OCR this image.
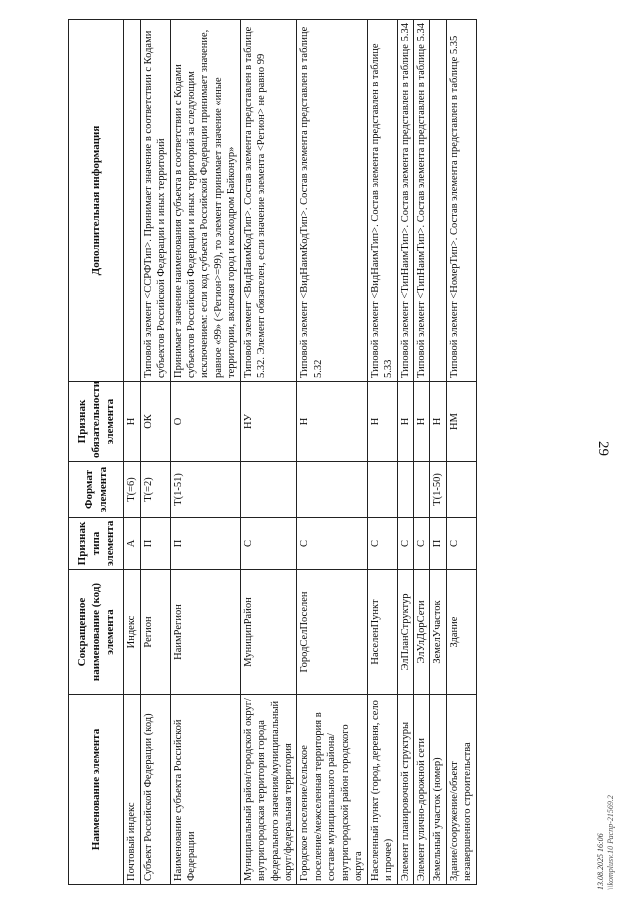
29
Наименование элемента	Сокращенное наименование (код) элемента	Признак типа элемента	Формат элемента	Признак обязательности элемента	Дополнительная информация
Почтовый индекс	Индекс	А	T(=6)	Н	
Субъект Российской Федерации (код)	Регион	П	T(=2)	ОК	Типовой элемент <ССРФТип>. Принимает значение в соответствии с Кодами субъектов Российской Федерации и иных территорий
Наименование субъекта Российской Федерации	НаимРегион	П	T(1-51)	О	Принимает значение наименования субъекта в соответствии с Кодами субъектов Российской Федерации и иных территорий за следующим исключением: если код субъекта Российской Федерации принимает значение, равное «99» (<Регион>=99), то элемент принимает значение «иные территории, включая город и космодром Байконур»
Муниципальный район/городской округ/внутригородская территория города федерального значения/муниципальный округ/федеральная территория	МуниципРайон	С		НУ	Типовой элемент <ВидНаимКодТип>. Состав элемента представлен в таблице 5.32. Элемент обязателен, если значение элемента <Регион> не равно 99
Городское поселение/сельское поселение/межселенная территория в составе муниципального района/внутригородской район городского округа	ГородСелПоселен	С		Н	Типовой элемент <ВидНаимКодТип>. Состав элемента представлен в таблице 5.32
Населенный пункт (город, деревня, село и прочее)	НаселенПункт	С		Н	Типовой элемент <ВидНаимТип>. Состав элемента представлен в таблице 5.33
Элемент планировочной структуры	ЭлПланСтруктур	С		Н	Типовой элемент <ТипНаимТип>. Состав элемента представлен в таблице 5.34
Элемент улично-дорожной сети	ЭлУлДорСети	С		Н	Типовой элемент <ТипНаимТип>. Состав элемента представлен в таблице 5.34
Земельный участок (номер)	ЗемелУчасток	П	T(1-50)	Н	
Здание/сооружение/объект незавершенного строительства	Здание	С		НМ	Типовой элемент <НомерТип>. Состав элемента представлен в таблице 5.35
13.08.2025 16:06 \\komplusv.10 Распр-21569.2
